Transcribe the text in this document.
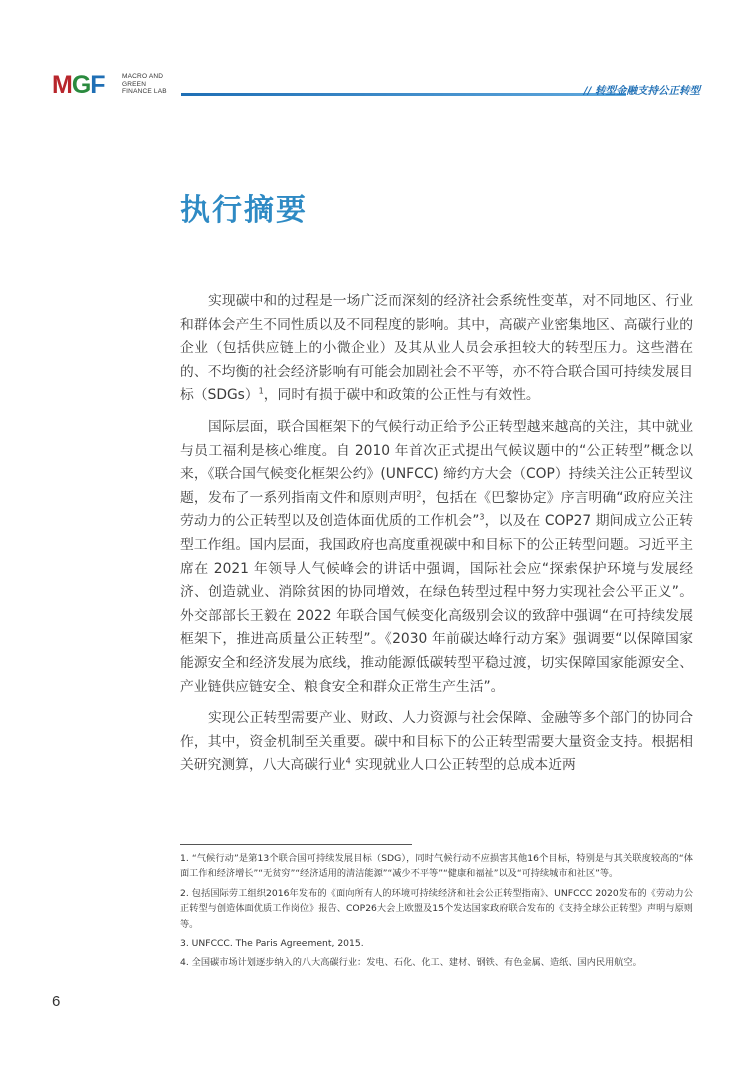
MGF	MACRO AND
GREEN
FINANCE LAB	// 转型金融支持公正转型
执行摘要

实现碳中和的过程是一场广泛而深刻的经济社会系统性变革，对不同地区、行业和群体会产生不同性质以及不同程度的影响。其中，高碳产业密集地区、高碳行业的企业（包括供应链上的小微企业）及其从业人员会承担较大的转型压力。这些潜在的、不均衡的社会经济影响有可能会加剧社会不平等，亦不符合联合国可持续发展目标（SDGs）$^1$，同时有损于碳中和政策的公正性与有效性。

国际层面，联合国框架下的气候行动正给予公正转型越来越高的关注，其中就业与员工福利是核心维度。自 2010 年首次正式提出气候议题中的“公正转型”概念以来，《联合国气候变化框架公约》(UNFCC) 缔约方大会（COP）持续关注公正转型议题，发布了一系列指南文件和原则声明$^2$，包括在《巴黎协定》序言明确“政府应关注劳动力的公正转型以及创造体面优质的工作机会”$^3$，以及在 COP27 期间成立公正转型工作组。国内层面，我国政府也高度重视碳中和目标下的公正转型问题。习近平主席在 2021 年领导人气候峰会的讲话中强调，国际社会应“探索保护环境与发展经济、创造就业、消除贫困的协同增效，在绿色转型过程中努力实现社会公平正义”。外交部部长王毅在 2022 年联合国气候变化高级别会议的致辞中强调“在可持续发展框架下，推进高质量公正转型”。《2030 年前碳达峰行动方案》强调要“以保障国家能源安全和经济发展为底线，推动能源低碳转型平稳过渡，切实保障国家能源安全、产业链供应链安全、粮食安全和群众正常生产生活”。

实现公正转型需要产业、财政、人力资源与社会保障、金融等多个部门的协同合作，其中，资金机制至关重要。碳中和目标下的公正转型需要大量资金支持。根据相关研究测算，八大高碳行业$^4$ 实现就业人口公正转型的总成本近两

1. “气候行动”是第13个联合国可持续发展目标（SDG），同时气候行动不应损害其他16个目标，特别是与其关联度较高的“体面工作和经济增长”“无贫穷”“经济适用的清洁能源”“减少不平等”“健康和福祉”以及“可持续城市和社区”等。

2. 包括国际劳工组织2016年发布的《面向所有人的环境可持续经济和社会公正转型指南》、UNFCCC 2020发布的《劳动力公正转型与创造体面优质工作岗位》报告、COP26大会上欧盟及15个发达国家政府联合发布的《支持全球公正转型》声明与原则等。

3. UNFCCC. The Paris Agreement, 2015.

4. 全国碳市场计划逐步纳入的八大高碳行业：发电、石化、化工、建材、钢铁、有色金属、造纸、国内民用航空。

6
